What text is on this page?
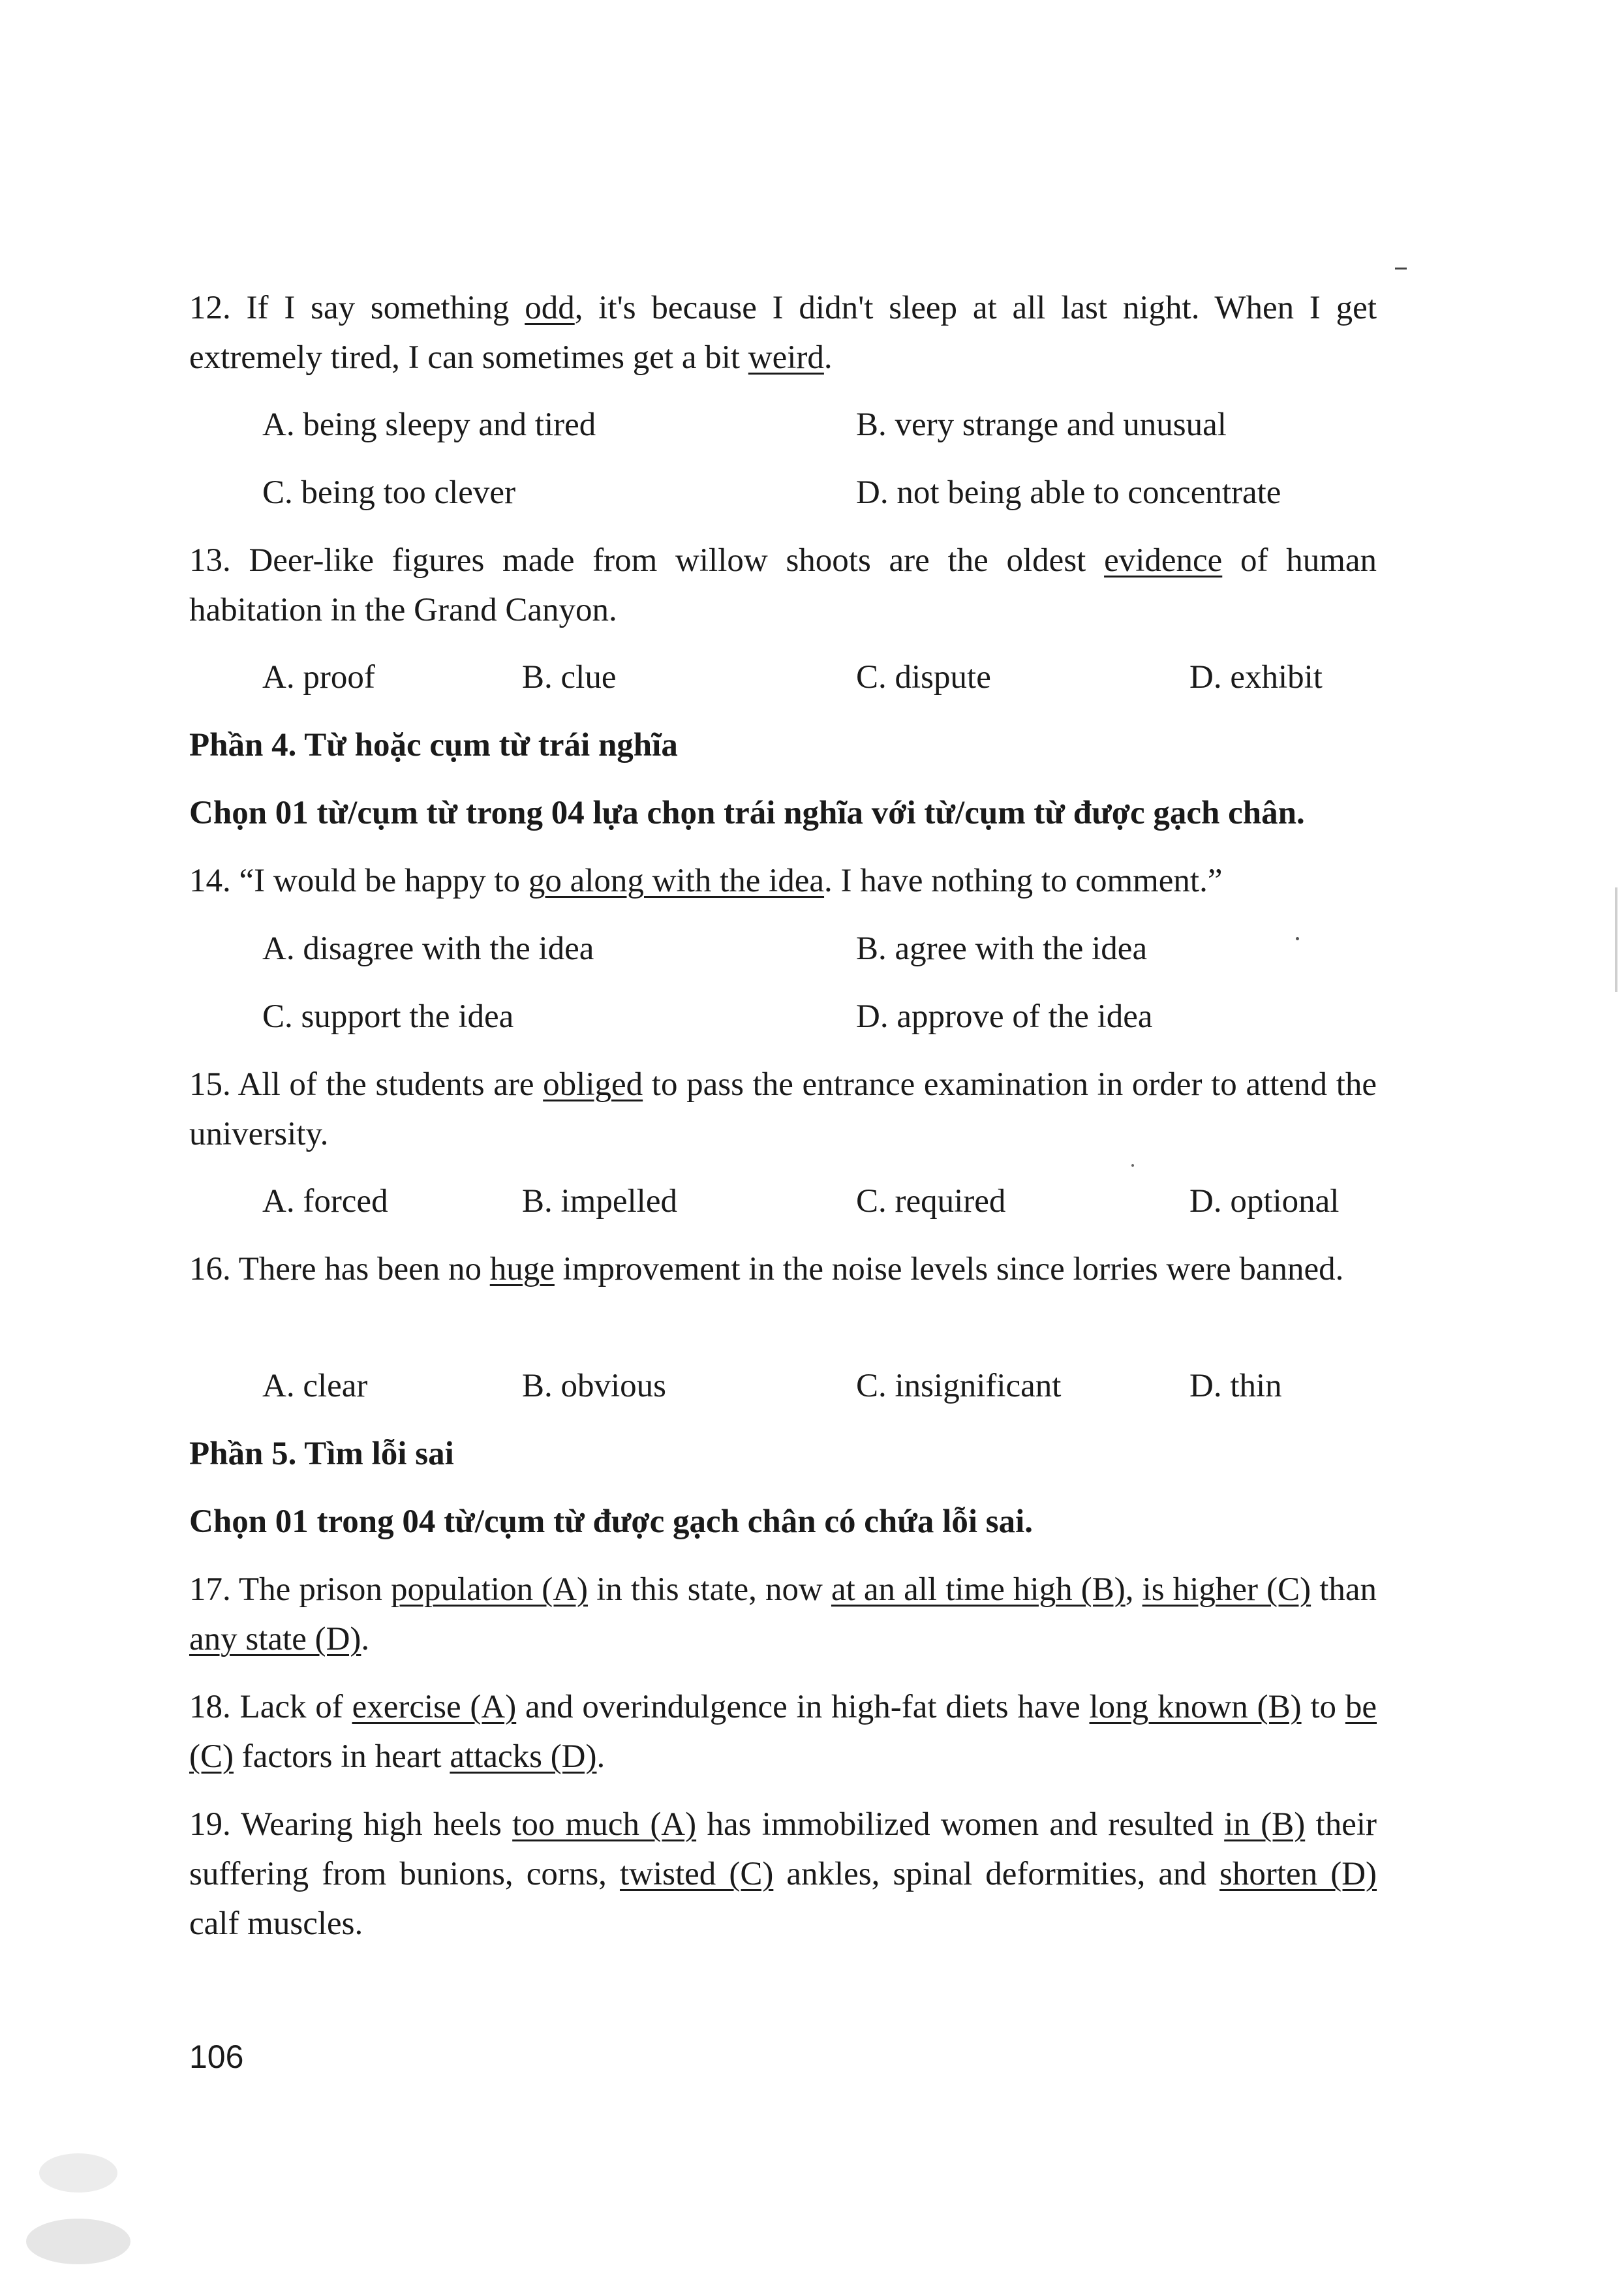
12. If I say something odd, it's because I didn't sleep at all last night. When I get extremely tired, I can sometimes get a bit weird.
A. being sleepy and tired	B. very strange and unusual
C. being too clever	D. not being able to concentrate
13. Deer-like figures made from willow shoots are the oldest evidence of human habitation in the Grand Canyon.
A. proof	B. clue	C. dispute	D. exhibit
Phần 4. Từ hoặc cụm từ trái nghĩa
Chọn 01 từ/cụm từ trong 04 lựa chọn trái nghĩa với từ/cụm từ được gạch chân.
14. “I would be happy to go along with the idea. I have nothing to comment.”
A. disagree with the idea	B. agree with the idea
C. support the idea	D. approve of the idea
15. All of the students are obliged to pass the entrance examination in order to attend the university.
A. forced	B. impelled	C. required	D. optional
16. There has been no huge improvement in the noise levels since lorries were banned.
A. clear	B. obvious	C. insignificant	D. thin
Phần 5. Tìm lỗi sai
Chọn 01 trong 04 từ/cụm từ được gạch chân có chứa lỗi sai.
17. The prison population (A) in this state, now at an all time high (B), is higher (C) than any state (D).
18. Lack of exercise (A) and overindulgence in high-fat diets have long known (B) to be (C) factors in heart attacks (D).
19. Wearing high heels too much (A) has immobilized women and resulted in (B) their suffering from bunions, corns, twisted (C) ankles, spinal deformities, and shorten (D) calf muscles.
106
